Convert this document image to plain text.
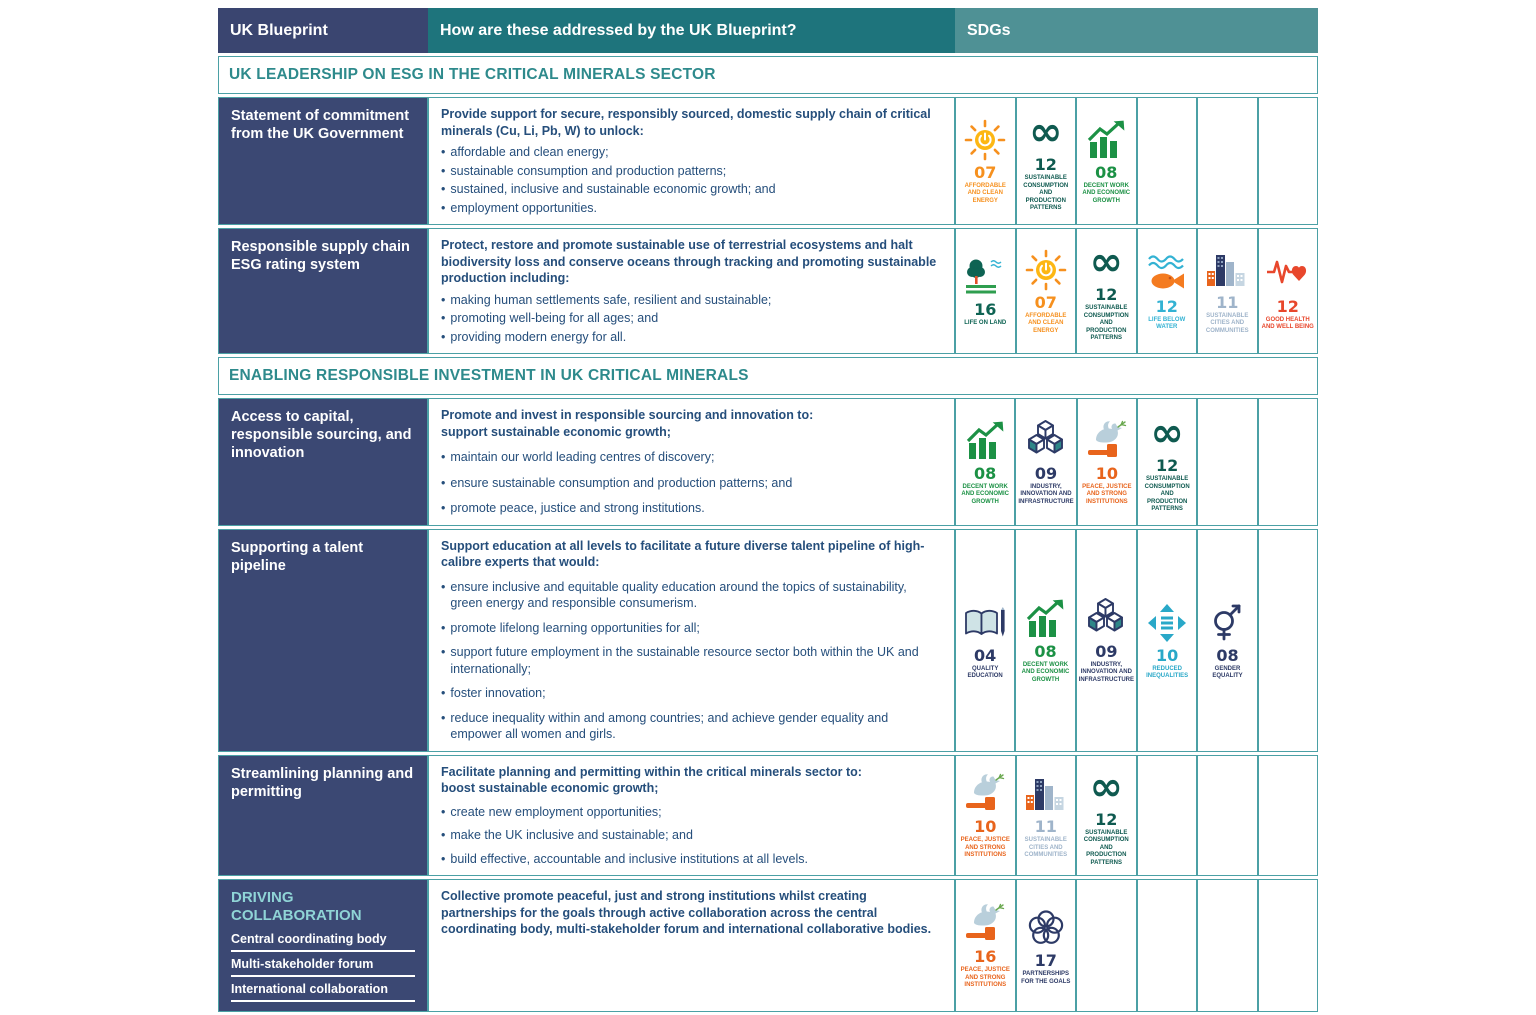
UK Blueprint	How are these addressed by the UK Blueprint?	SDGs
UK LEADERSHIP ON ESG IN THE CRITICAL MINERALS SECTOR
Statement of commitment from the UK Government
Provide support for secure, responsibly sourced, domestic supply chain of critical minerals (Cu, Li, Pb, W) to unlock:
• affordable and clean energy;
• sustainable consumption and production patterns;
• sustained, inclusive and sustainable economic growth; and
• employment opportunities.
07
AFFORDABLE AND CLEAN ENERGY
∞
12
SUSTAINABLE CONSUMPTION AND PRODUCTION PATTERNS
08
DECENT WORK AND ECONOMIC GROWTH
Responsible supply chain ESG rating system
Protect, restore and promote sustainable use of terrestrial ecosystems and halt biodiversity loss and conserve oceans through tracking and promoting sustainable production including:
• making human settlements safe, resilient and sustainable;
• promoting well-being for all ages; and
• providing modern energy for all.
16
LIFE ON LAND
07
AFFORDABLE AND CLEAN ENERGY
∞
12
SUSTAINABLE CONSUMPTION AND PRODUCTION PATTERNS
12
LIFE BELOW WATER
11
SUSTAINABLE CITIES AND COMMUNITIES
12
GOOD HEALTH AND WELL BEING
ENABLING RESPONSIBLE INVESTMENT IN UK CRITICAL MINERALS
Access to capital, responsible sourcing, and innovation
Promote and invest in responsible sourcing and innovation to:
support sustainable economic growth;
• maintain our world leading centres of discovery;
• ensure sustainable consumption and production patterns; and
• promote peace, justice and strong institutions.
08
DECENT WORK AND ECONOMIC GROWTH
09
INDUSTRY, INNOVATION AND INFRASTRUCTURE
10
PEACE, JUSTICE AND STRONG INSTITUTIONS
∞
12
SUSTAINABLE CONSUMPTION AND PRODUCTION PATTERNS
Supporting a talent pipeline
Support education at all levels to facilitate a future diverse talent pipeline of high-calibre experts that would:
• ensure inclusive and equitable quality education around the topics of sustainability, green energy and responsible consumerism.
• promote lifelong learning opportunities for all;
• support future employment in the sustainable resource sector both within the UK and internationally;
• foster innovation;
• reduce inequality within and among countries; and achieve gender equality and empower all women and girls.
04
QUALITY EDUCATION
08
DECENT WORK AND ECONOMIC GROWTH
09
INDUSTRY, INNOVATION AND INFRASTRUCTURE
10
REDUCED INEQUALITIES
08
GENDER EQUALITY
Streamlining planning and permitting
Facilitate planning and permitting within the critical minerals sector to:
boost sustainable economic growth;
• create new employment opportunities;
• make the UK inclusive and sustainable; and
• build effective, accountable and inclusive institutions at all levels.
10
PEACE, JUSTICE AND STRONG INSTITUTIONS
11
SUSTAINABLE CITIES AND COMMUNITIES
∞
12
SUSTAINABLE CONSUMPTION AND PRODUCTION PATTERNS
DRIVING COLLABORATION
Central coordinating body
Multi-stakeholder forum
International collaboration
Collective promote peaceful, just and strong institutions whilst creating partnerships for the goals through active collaboration across the central coordinating body, multi-stakeholder forum and international collaborative bodies.
16
PEACE, JUSTICE AND STRONG INSTITUTIONS
17
PARTNERSHIPS FOR THE GOALS
